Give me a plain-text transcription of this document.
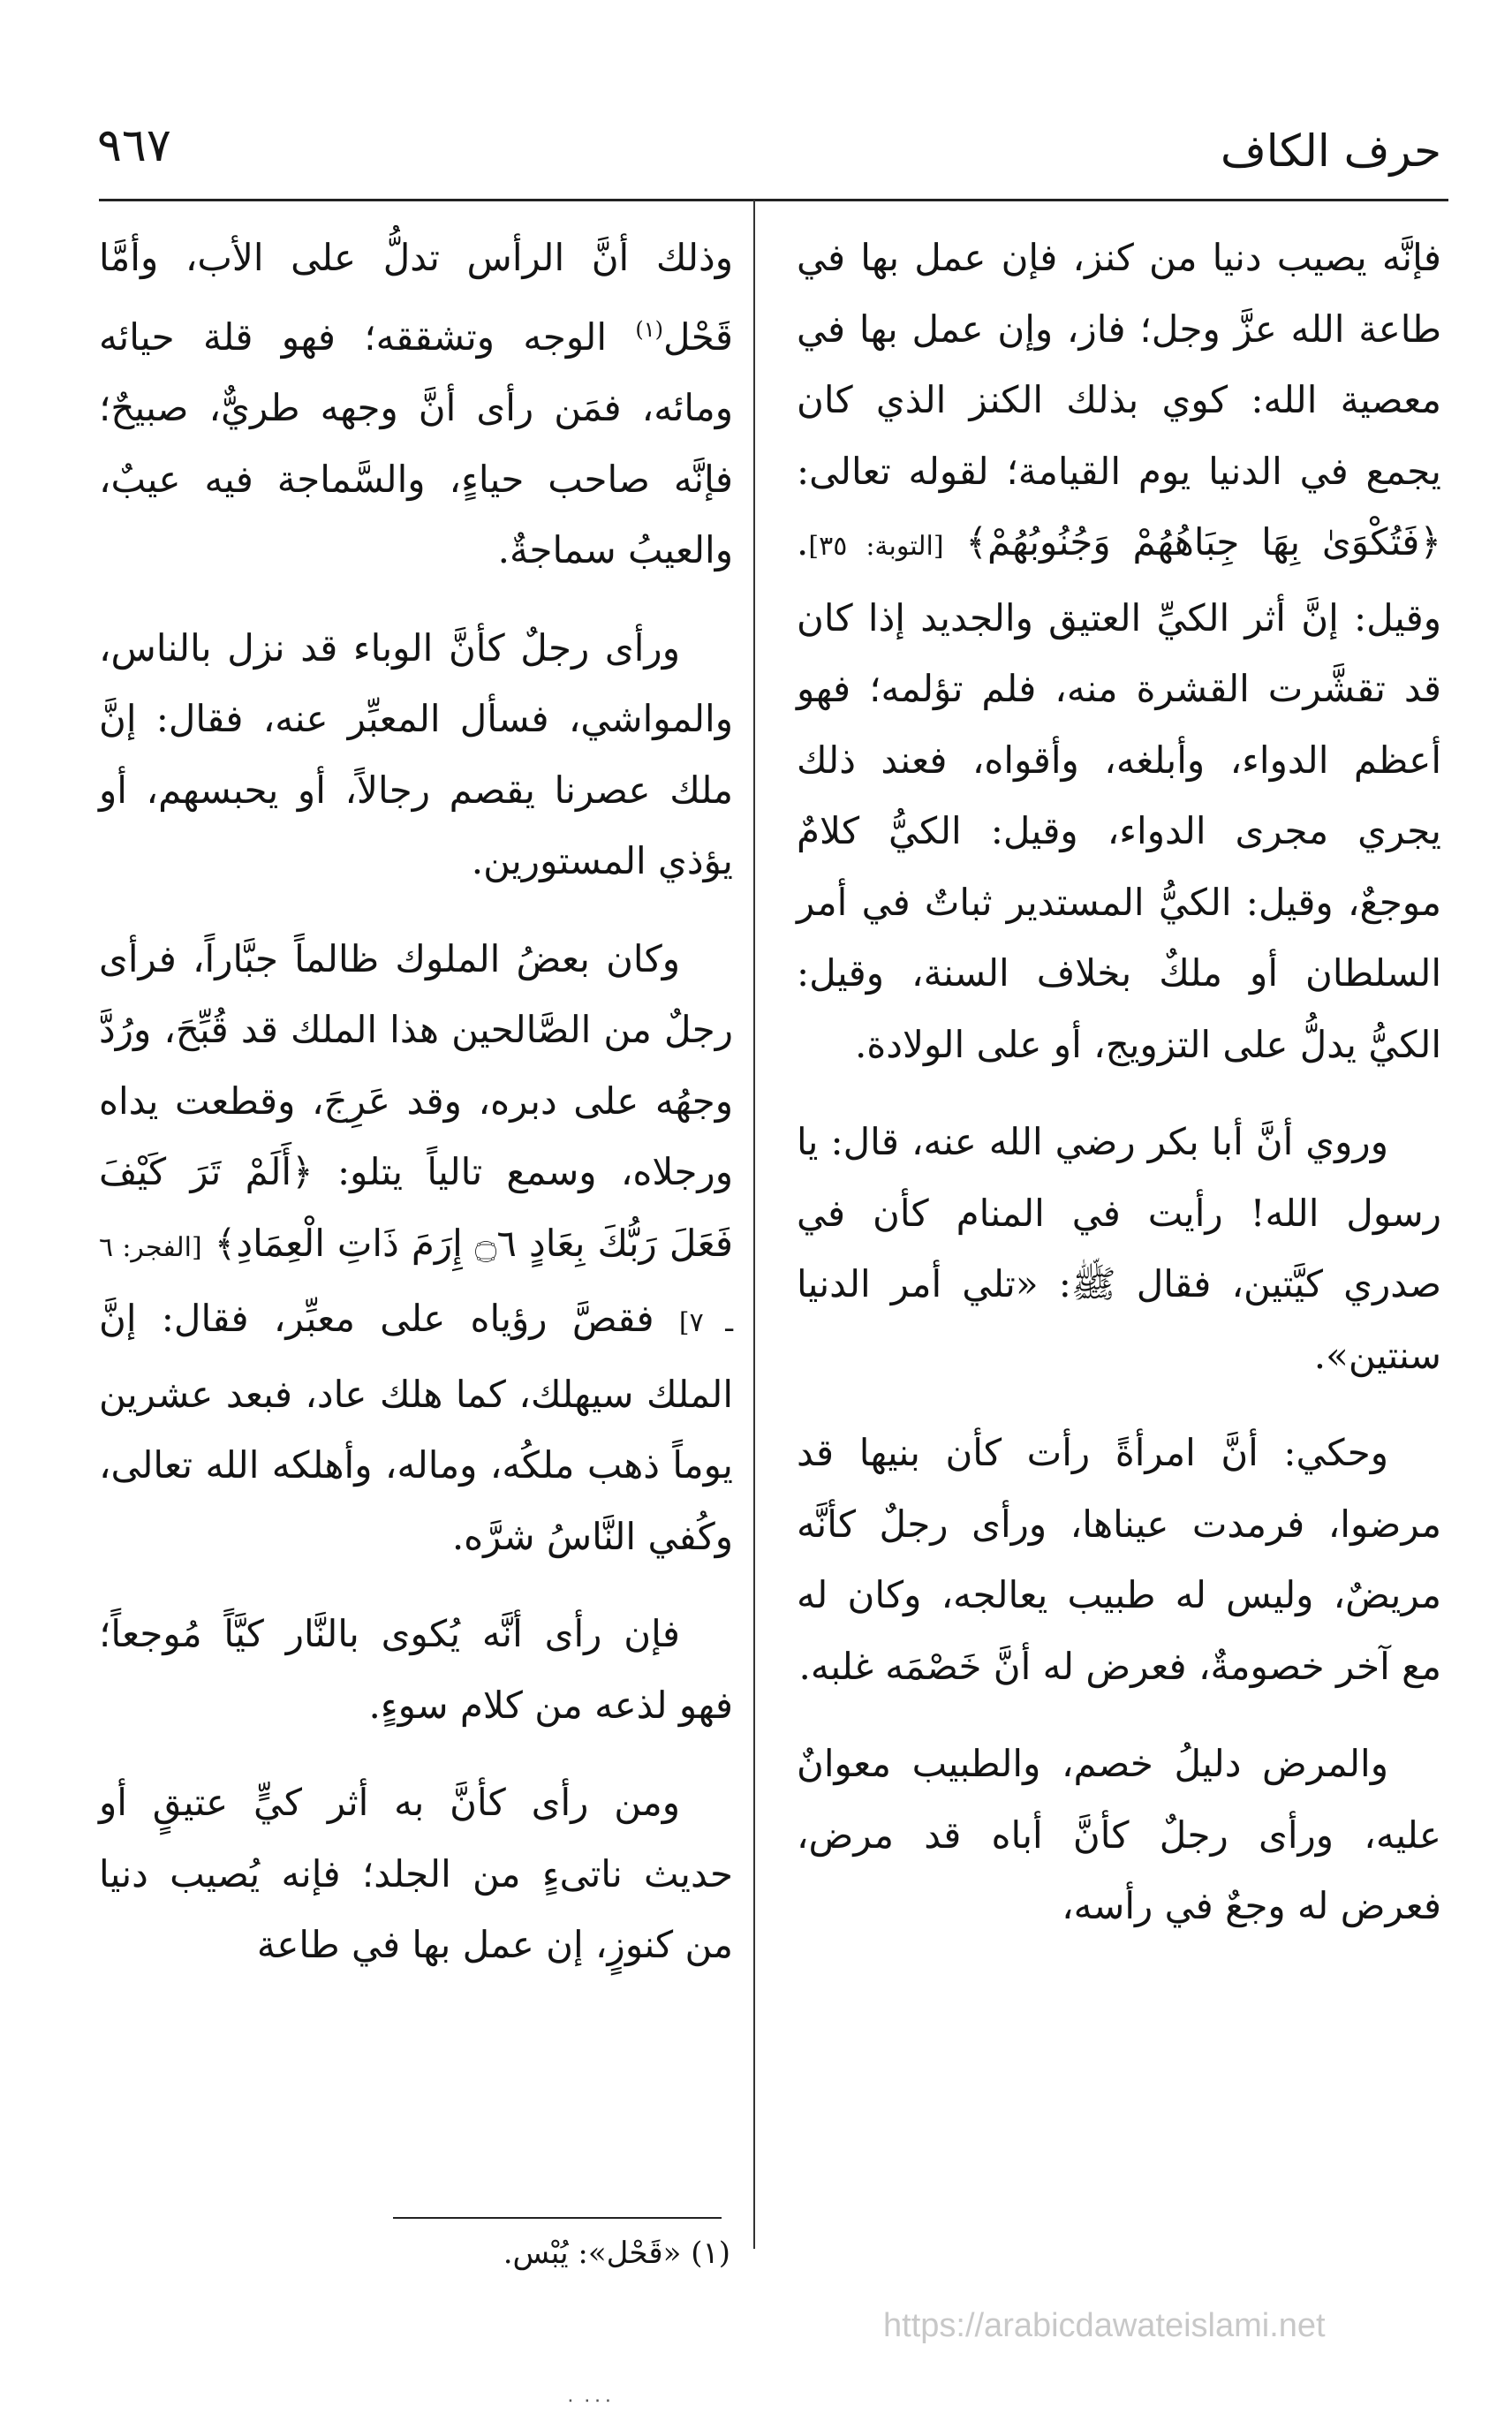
حرف الكاف
٩٦٧

فإنَّه يصيب دنيا من كنز، فإن عمل بها في طاعة الله عزَّ وجل؛ فاز، وإن عمل بها في معصية الله: كوي بذلك الكنز الذي كان يجمع في الدنيا يوم القيامة؛ لقوله تعالى: ﴿فَتُكْوَىٰ بِهَا جِبَاهُهُمْ وَجُنُوبُهُمْ﴾ [التوبة: ٣٥]. وقيل: إنَّ أثر الكيِّ العتيق والجديد إذا كان قد تقشَّرت القشرة منه، فلم تؤلمه؛ فهو أعظم الدواء، وأبلغه، وأقواه، فعند ذلك يجري مجرى الدواء، وقيل: الكيُّ كلامٌ موجعٌ، وقيل: الكيُّ المستدير ثباتٌ في أمر السلطان أو ملكٌ بخلاف السنة، وقيل: الكيُّ يدلُّ على التزويج، أو على الولادة.

وروي أنَّ أبا بكر رضي الله عنه، قال: يا رسول الله! رأيت في المنام كأن في صدري كيَّتين، فقال ﷺ: «تلي أمر الدنيا سنتين».

وحكي: أنَّ امرأةً رأت كأن بنيها قد مرضوا، فرمدت عيناها، ورأى رجلٌ كأنَّه مريضٌ، وليس له طبيب يعالجه، وكان له مع آخر خصومةٌ، فعرض له أنَّ خَصْمَه غلبه.

والمرض دليلُ خصم، والطبيب معوانٌ عليه، ورأى رجلٌ كأنَّ أباه قد مرض، فعرض له وجعٌ في رأسه،

وذلك أنَّ الرأس تدلُّ على الأب، وأمَّا قَحْل$^{(١)}$ الوجه وتشققه؛ فهو قلة حيائه ومائه، فمَن رأى أنَّ وجهه طريٌّ، صبيحٌ؛ فإنَّه صاحب حياءٍ، والسَّماجة فيه عيبٌ، والعيبُ سماجةٌ.

ورأى رجلٌ كأنَّ الوباء قد نزل بالناس، والمواشي، فسأل المعبِّر عنه، فقال: إنَّ ملك عصرنا يقصم رجالاً، أو يحبسهم، أو يؤذي المستورين.

وكان بعضُ الملوك ظالماً جبَّاراً، فرأى رجلٌ من الصَّالحين هذا الملك قد قُبِّحَ، ورُدَّ وجهُه على دبره، وقد عَرِجَ، وقطعت يداه ورجلاه، وسمع تالياً يتلو: ﴿أَلَمْ تَرَ كَيْفَ فَعَلَ رَبُّكَ بِعَادٍ ۝٦ إِرَمَ ذَاتِ الْعِمَادِ﴾ [الفجر: ٦ ـ ٧] فقصَّ رؤياه على معبِّر، فقال: إنَّ الملك سيهلك، كما هلك عاد، فبعد عشرين يوماً ذهب ملكُه، وماله، وأهلكه الله تعالى، وكُفي النَّاسُ شرَّه.

فإن رأى أنَّه يُكوى بالنَّار كيَّاً مُوجعاً؛ فهو لذعه من كلام سوءٍ.

ومن رأى كأنَّ به أثر كيٍّ عتيقٍ أو حديث ناتىءٍ من الجلد؛ فإنه يُصيب دنيا من كنوزٍ، إن عمل بها في طاعة

(١) «قَحْل»: يُبْس.
https://arabicdawateislami.net
٠٠٠ ٠
